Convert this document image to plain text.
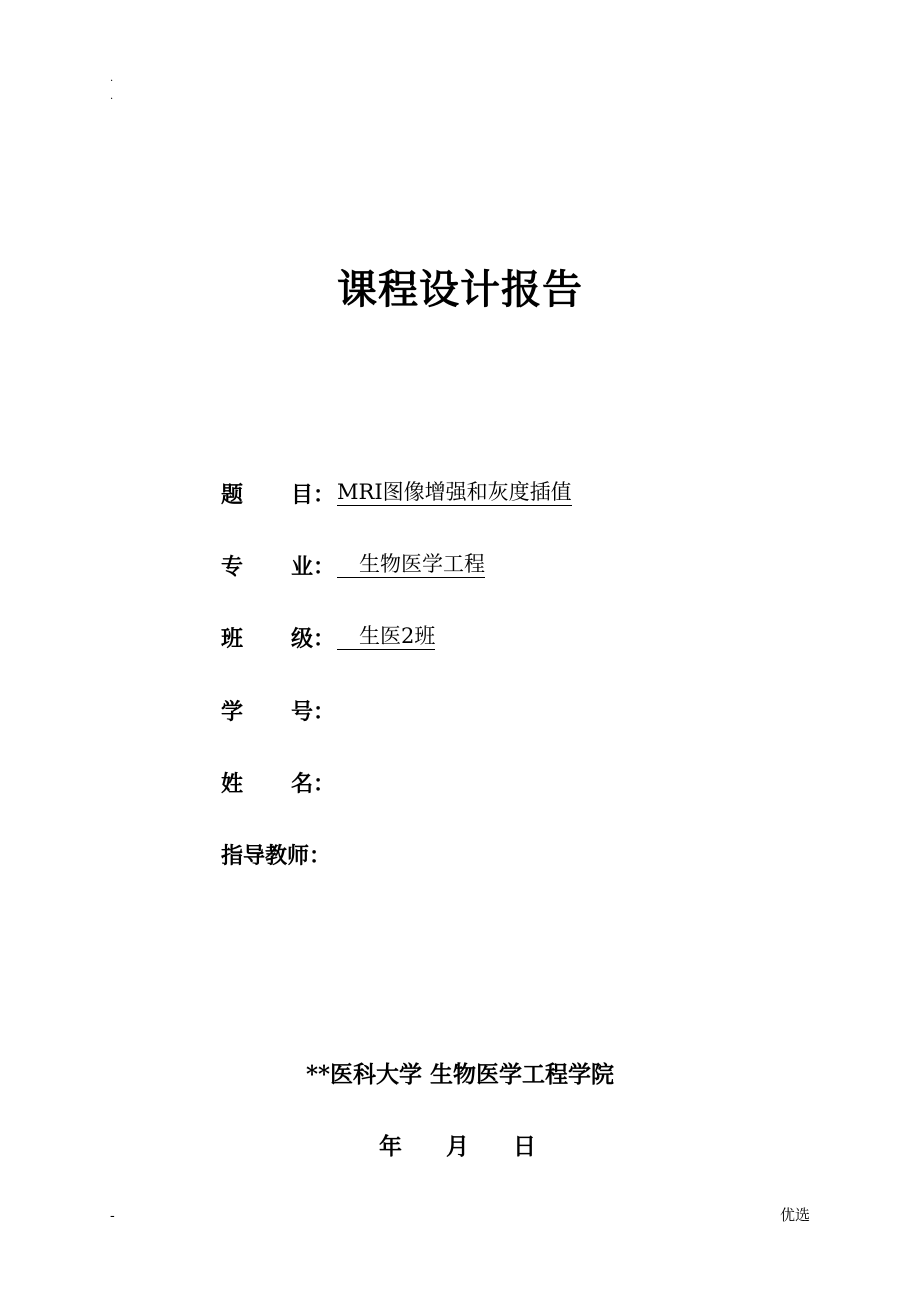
.
.
课程设计报告
题 目 ： MRI图像增强和灰度插值
专 业 ：	生物医学工程
班 级 ：	生医2班
学 号 ：
姓 名 ：
指导教师 ：
**医科大学 生物医学工程学院
年 月 日
-	优选
